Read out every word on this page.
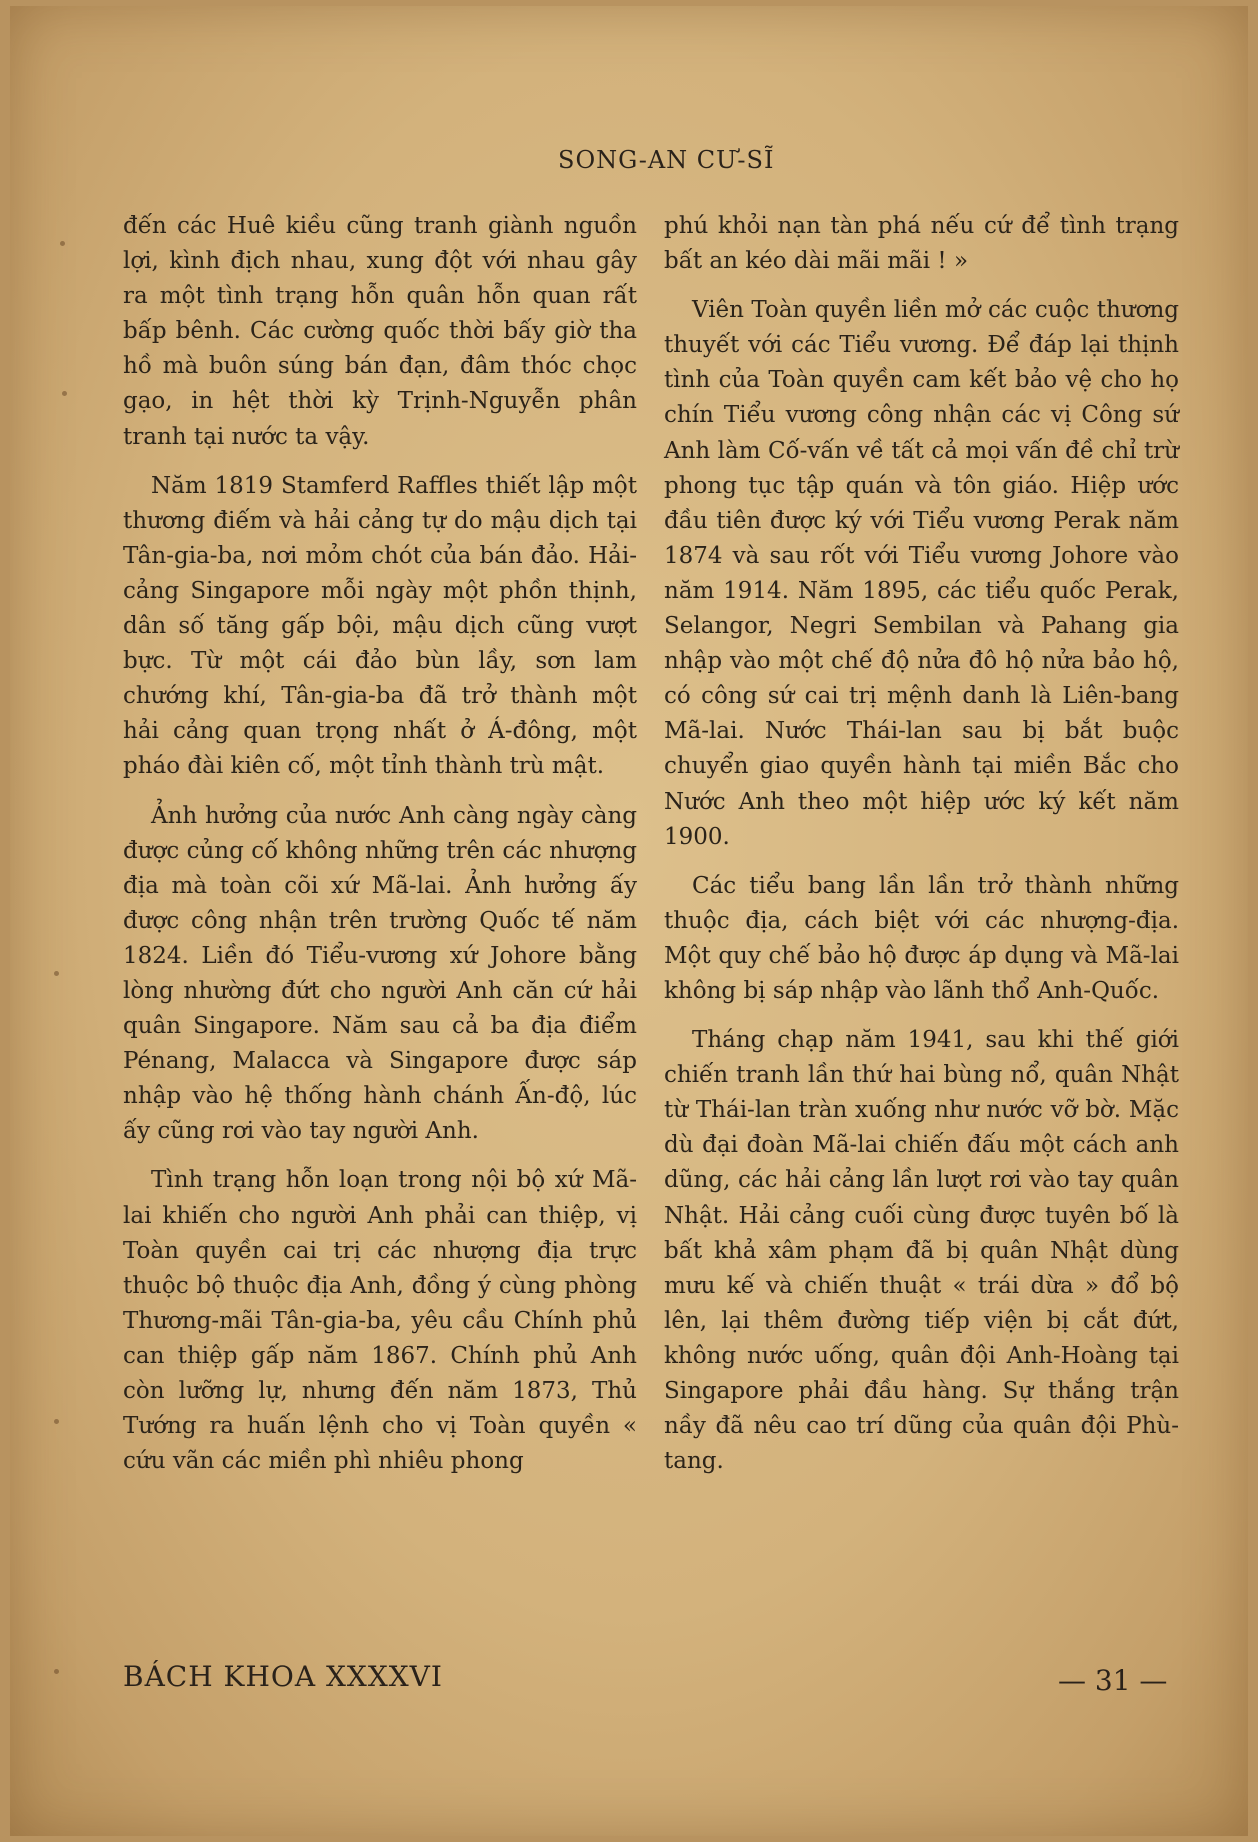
SONG-AN CƯ-SĨ

đến các Huê kiều cũng tranh giành nguồn lợi, kình địch nhau, xung đột với nhau gây ra một tình trạng hỗn quân hỗn quan rất bấp bênh. Các cường quốc thời bấy giờ tha hồ mà buôn súng bán đạn, đâm thóc chọc gạo, in hệt thời kỳ Trịnh-Nguyễn phân tranh tại nước ta vậy.

Năm 1819 Stamferd Raffles thiết lập một thương điếm và hải cảng tự do mậu dịch tại Tân-gia-ba, nơi mỏm chót của bán đảo. Hải-cảng Singapore mỗi ngày một phồn thịnh, dân số tăng gấp bội, mậu dịch cũng vượt bực. Từ một cái đảo bùn lầy, sơn lam chướng khí, Tân-gia-ba đã trở thành một hải cảng quan trọng nhất ở Á-đông, một pháo đài kiên cố, một tỉnh thành trù mật.

Ảnh hưởng của nước Anh càng ngày càng được củng cố không những trên các nhượng địa mà toàn cõi xứ Mã-lai. Ảnh hưởng ấy được công nhận trên trường Quốc tế năm 1824. Liền đó Tiểu-vương xứ Johore bằng lòng nhường đứt cho người Anh căn cứ hải quân Singapore. Năm sau cả ba địa điểm Pénang, Malacca và Singapore được sáp nhập vào hệ thống hành chánh Ấn-độ, lúc ấy cũng rơi vào tay người Anh.

Tình trạng hỗn loạn trong nội bộ xứ Mã-lai khiến cho người Anh phải can thiệp, vị Toàn quyền cai trị các nhượng địa trực thuộc bộ thuộc địa Anh, đồng ý cùng phòng Thương-mãi Tân-gia-ba, yêu cầu Chính phủ can thiệp gấp năm 1867. Chính phủ Anh còn lưỡng lự, nhưng đến năm 1873, Thủ Tướng ra huấn lệnh cho vị Toàn quyền « cứu vãn các miền phì nhiêu phong

phú khỏi nạn tàn phá nếu cứ để tình trạng bất an kéo dài mãi mãi ! »

Viên Toàn quyền liền mở các cuộc thương thuyết với các Tiểu vương. Để đáp lại thịnh tình của Toàn quyền cam kết bảo vệ cho họ chín Tiểu vương công nhận các vị Công sứ Anh làm Cố-vấn về tất cả mọi vấn đề chỉ trừ phong tục tập quán và tôn giáo. Hiệp ước đầu tiên được ký với Tiểu vương Perak năm 1874 và sau rốt với Tiểu vương Johore vào năm 1914. Năm 1895, các tiểu quốc Perak, Selangor, Negri Sembilan và Pahang gia nhập vào một chế độ nửa đô hộ nửa bảo hộ, có công sứ cai trị mệnh danh là Liên-bang Mã-lai. Nước Thái-lan sau bị bắt buộc chuyển giao quyền hành tại miền Bắc cho Nước Anh theo một hiệp ước ký kết năm 1900.

Các tiểu bang lần lần trở thành những thuộc địa, cách biệt với các nhượng-địa. Một quy chế bảo hộ được áp dụng và Mã-lai không bị sáp nhập vào lãnh thổ Anh-Quốc.

Tháng chạp năm 1941, sau khi thế giới chiến tranh lần thứ hai bùng nổ, quân Nhật từ Thái-lan tràn xuống như nước vỡ bờ. Mặc dù đại đoàn Mã-lai chiến đấu một cách anh dũng, các hải cảng lần lượt rơi vào tay quân Nhật. Hải cảng cuối cùng được tuyên bố là bất khả xâm phạm đã bị quân Nhật dùng mưu kế và chiến thuật « trái dừa » đổ bộ lên, lại thêm đường tiếp viện bị cắt đứt, không nước uống, quân đội Anh-Hoàng tại Singapore phải đầu hàng. Sự thắng trận nầy đã nêu cao trí dũng của quân đội Phù-tang.

BÁCH KHOA XXXXVI	— 31 —
